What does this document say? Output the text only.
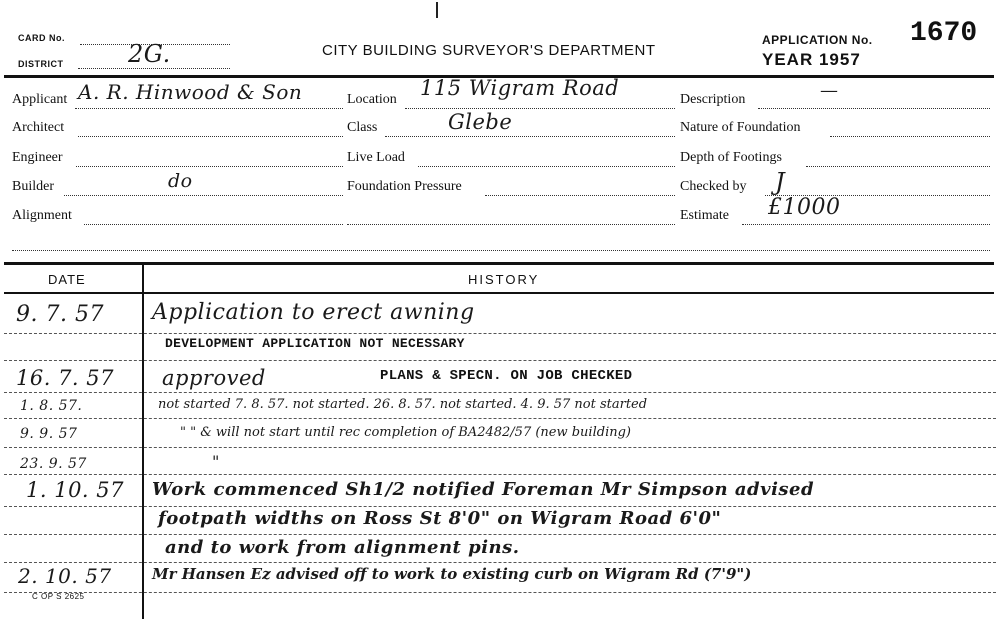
CARD No.
DISTRICT	2G.	CITY BUILDING SURVEYOR'S DEPARTMENT
APPLICATION No. 1670
YEAR 1957
Applicant A. R. Hinwood & Son
Architect
Engineer
Builder	do
Alignment
Location 115 Wigram Road
Class	Glebe
Live Load
Foundation Pressure
Description	—
Nature of Foundation
Depth of Footings
Checked by J
Estimate £1000
DATE	HISTORY
9. 7. 57 Application to erect awning
DEVELOPMENT APPLICATION NOT NECESSARY
16. 7. 57 approved	PLANS & SPECN. ON JOB CHECKED
1. 8. 57.	not started 7. 8. 57. not started. 26. 8. 57. not started. 4. 9. 57 not started
9. 9. 57	" " & will not start until rec completion of BA2482/57 (new building)
23. 9. 57	"
1. 10. 57 Work commenced Sh1/2 notified Foreman Mr Simpson advised
footpath widths on Ross St 8'0" on Wigram Road 6'0"
and to work from alignment pins.
2. 10. 57	Mr Hansen Ez advised off to work to existing curb on Wigram Rd (7'9")
C OP S 2625
